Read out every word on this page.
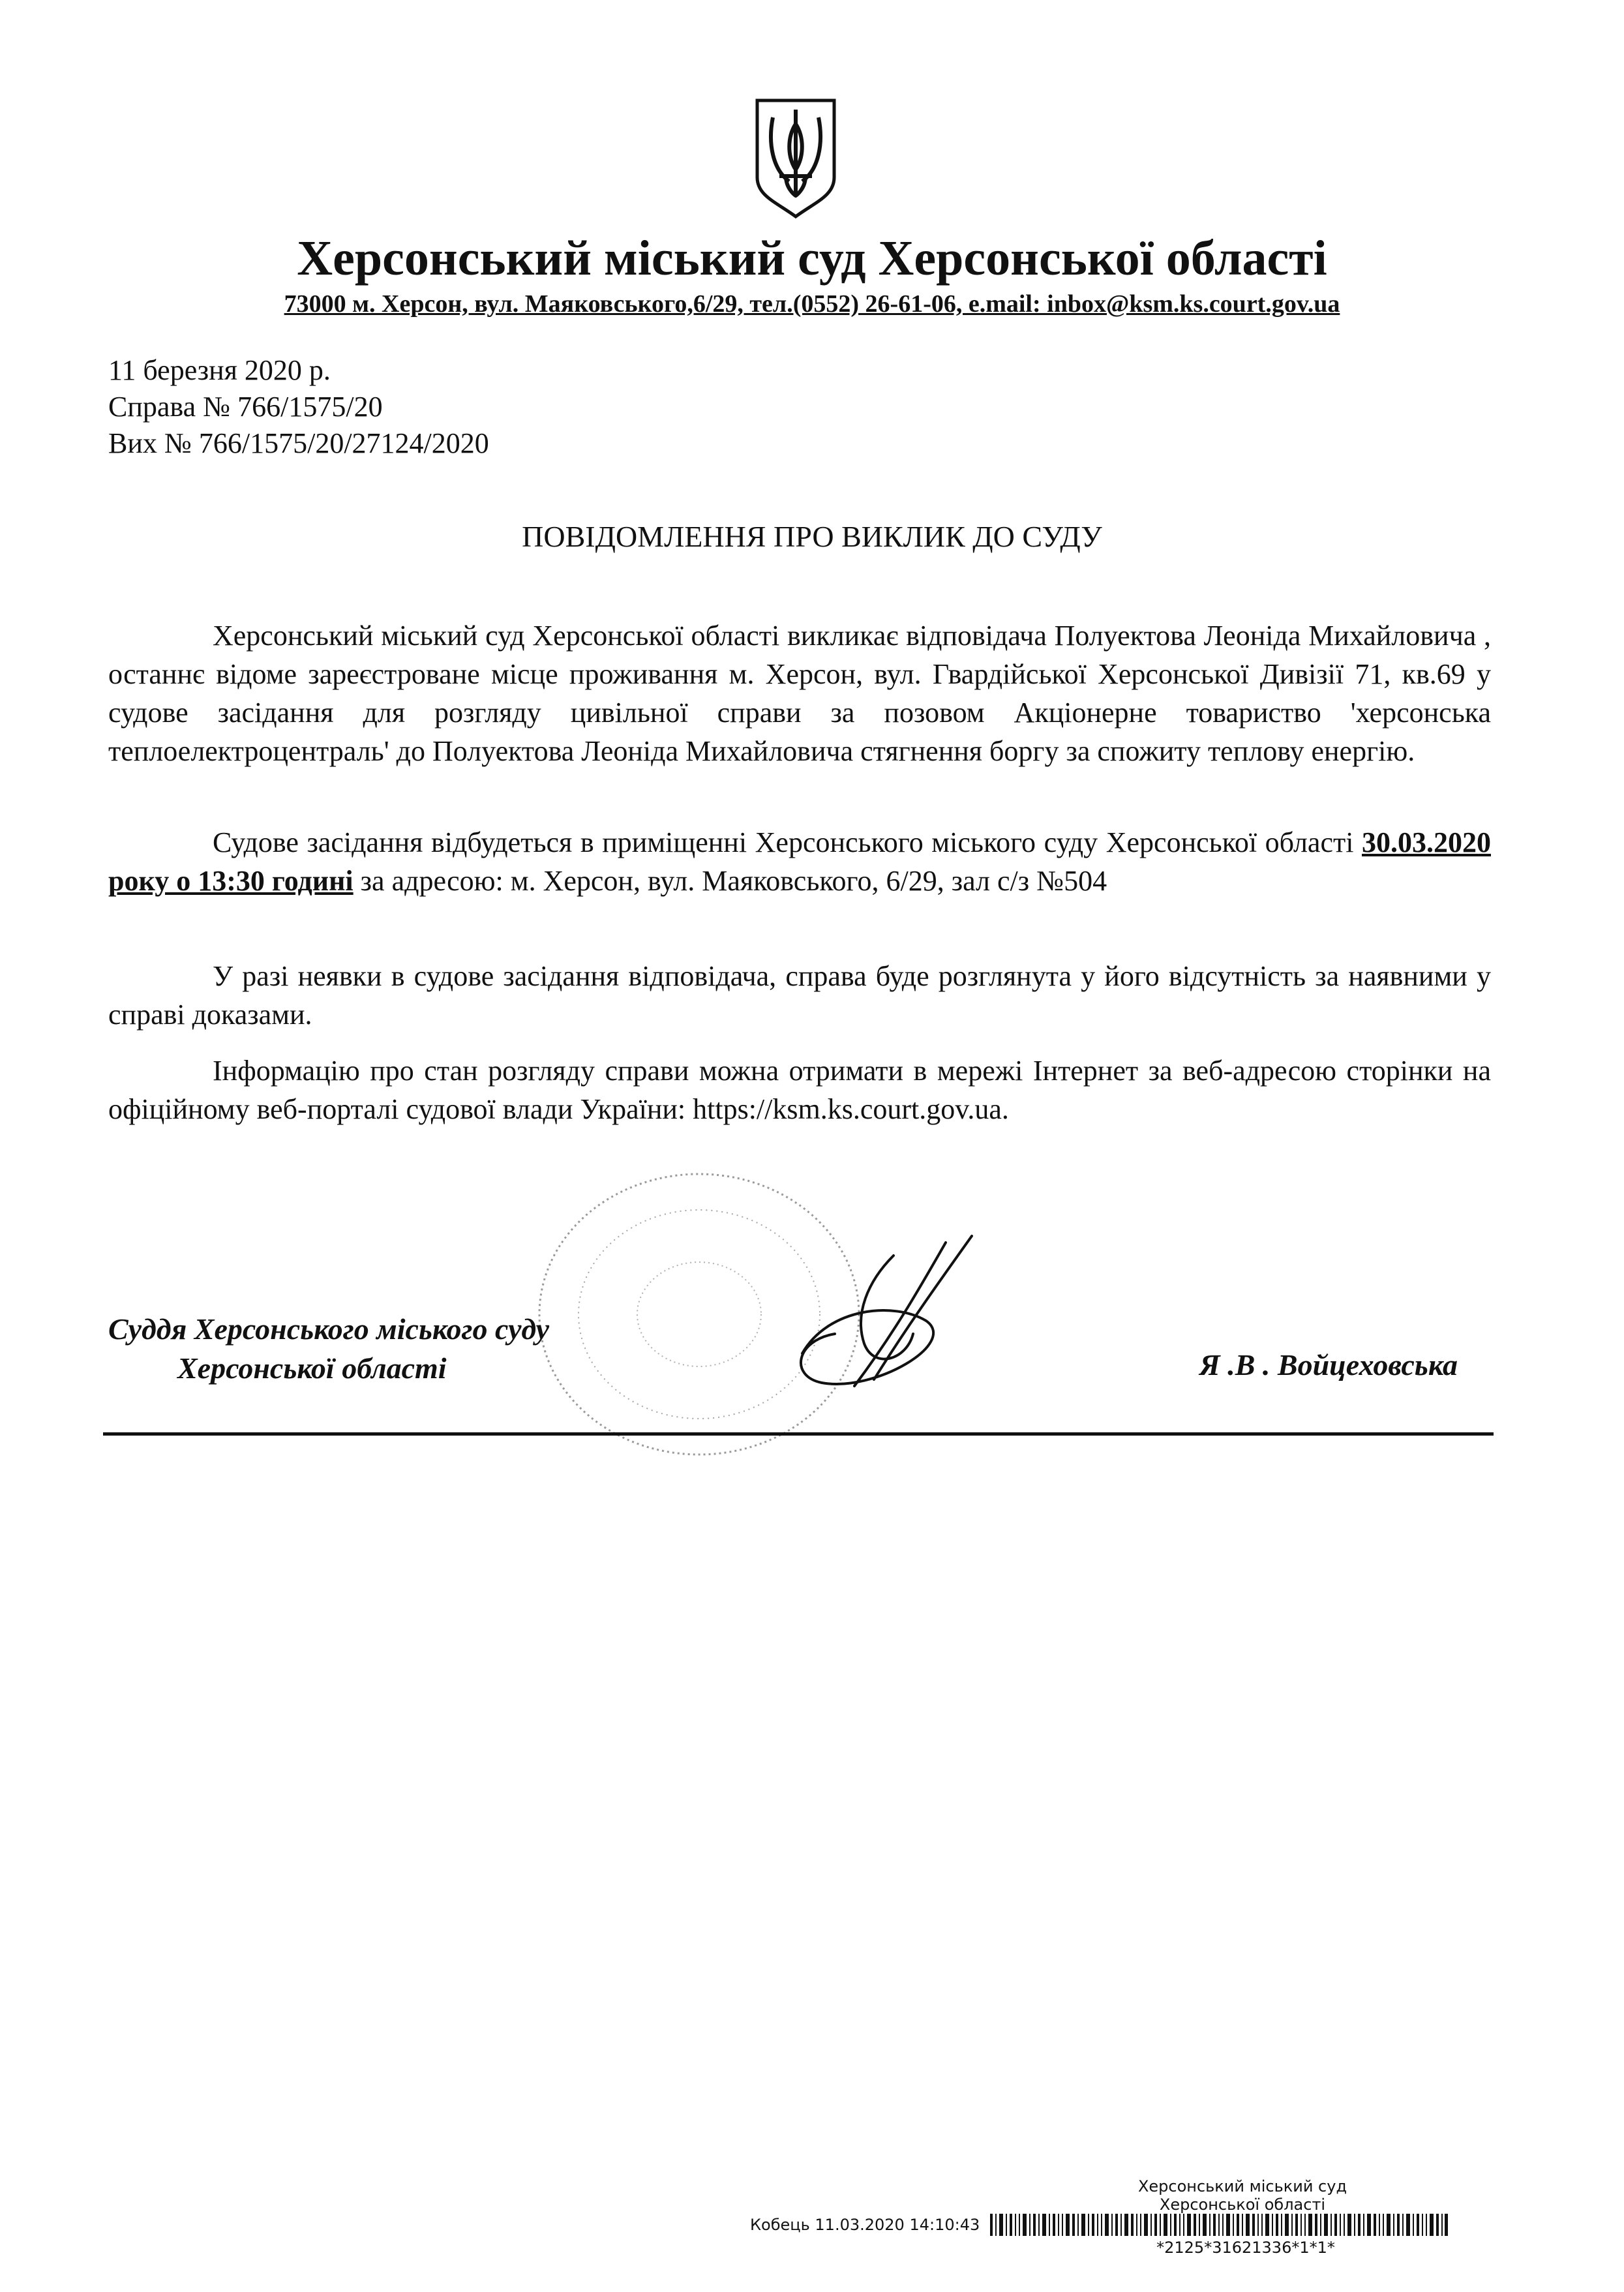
Херсонський міський суд Херсонської області
73000 м. Херсон, вул. Маяковського,6/29, тел.(0552) 26-61-06, e.mail: inbox@ksm.ks.court.gov.ua
11 березня 2020 р.
Справа № 766/1575/20
Вих № 766/1575/20/27124/2020
ПОВІДОМЛЕННЯ ПРО ВИКЛИК ДО СУДУ

Херсонський міський суд Херсонської області викликає відповідача Полуектова Леоніда Михайловича , останнє відоме зареєстроване місце проживання м. Херсон, вул. Гвардійської Херсонської Дивізії 71, кв.69 у судове засідання для розгляду цивільної справи за позовом Акціонерне товариство 'херсонська теплоелектроцентраль' до Полуектова Леоніда Михайловича стягнення боргу за спожиту теплову енергію.

Судове засідання відбудеться в приміщенні Херсонського міського суду Херсонської області 30.03.2020 року о 13:30 годині за адресою: м. Херсон, вул. Маяковського, 6/29, зал с/з №504

У разі неявки в судове засідання відповідача, справа буде розглянута у його відсутність за наявними у справі доказами.

Інформацію про стан розгляду справи можна отримати в мережі Інтернет за веб-адресою сторінки на офіційному веб-порталі судової влади України: https://ksm.ks.court.gov.ua.

Суддя Херсонського міського суду
Херсонської області	Я .В . Войцеховська
Херсонський міський суд
Херсонської області
Кобець 11.03.2020 14:10:43
*2125*31621336*1*1*
